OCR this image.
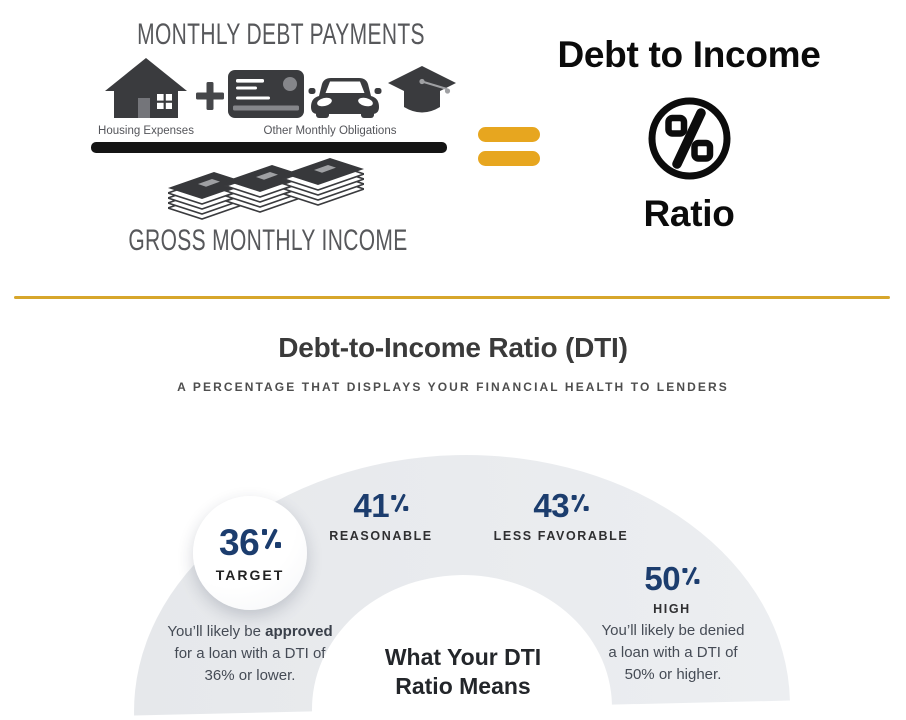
MONTHLY DEBT PAYMENTS
Housing Expenses	Other Monthly Obligations
GROSS MONTHLY INCOME
Debt to Income
Ratio
Debt-to-Income Ratio (DTI)
A PERCENTAGE THAT DISPLAYS YOUR FINANCIAL HEALTH TO LENDERS
36
TARGET
41
REASONABLE
43
LESS FAVORABLE
50
HIGH
You’ll likely be approved for a loan with a DTI of 36% or lower.
You’ll likely be denied a loan with a DTI of 50% or higher.
What Your DTI Ratio Means
